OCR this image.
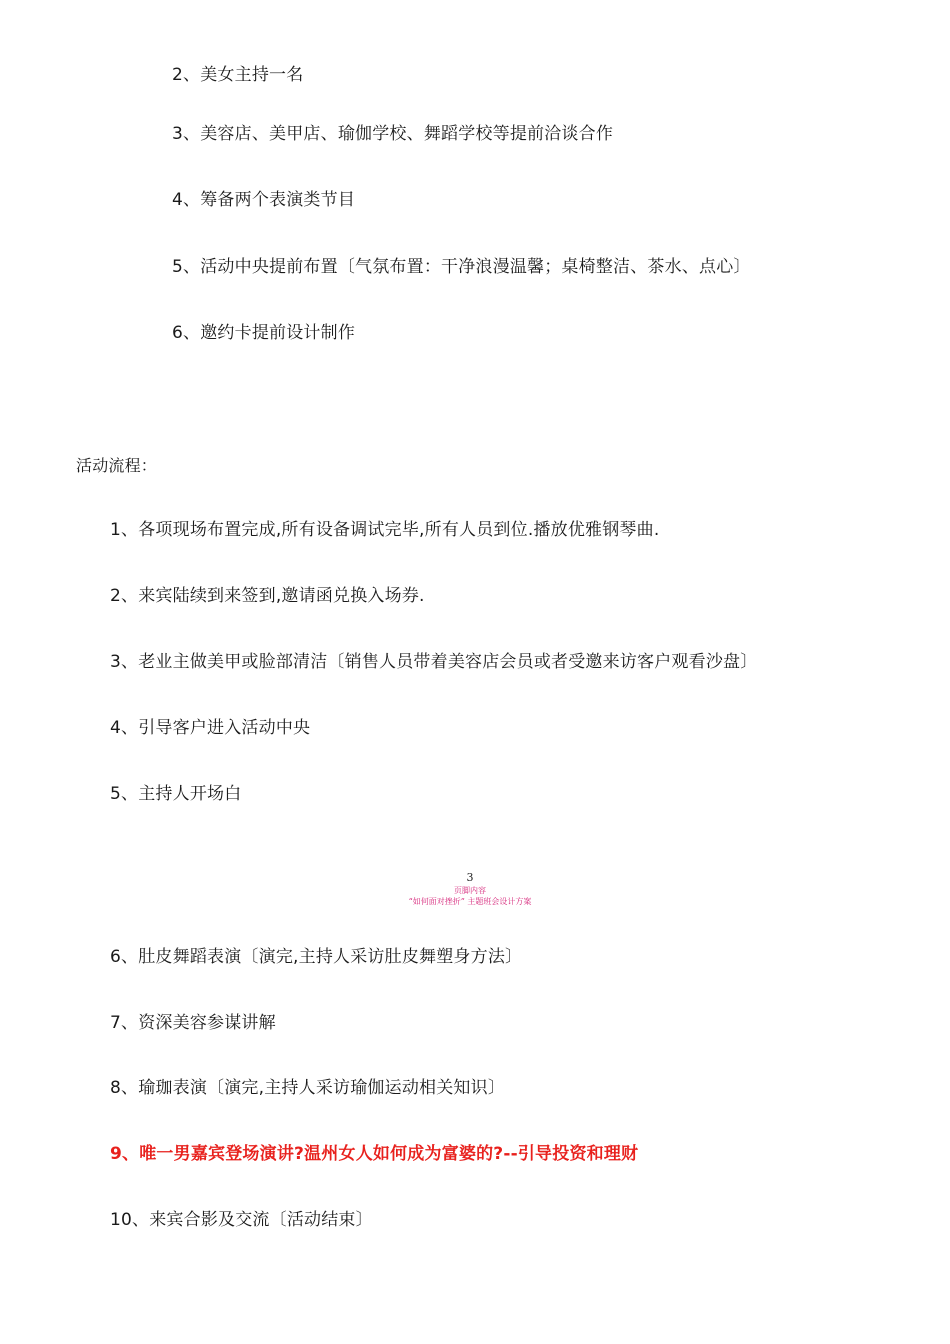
2、美女主持一名
3、美容店、美甲店、瑜伽学校、舞蹈学校等提前洽谈合作
4、筹备两个表演类节目
5、活动中央提前布置〔气氛布置：干净浪漫温馨；桌椅整洁、茶水、点心〕
6、邀约卡提前设计制作
活动流程：
1、各项现场布置完成,所有设备调试完毕,所有人员到位.播放优雅钢琴曲.
2、来宾陆续到来签到,邀请函兑换入场券.
3、老业主做美甲或脸部清洁〔销售人员带着美容店会员或者受邀来访客户观看沙盘〕
4、引导客户进入活动中央
5、主持人开场白
3
页脚内容
“如何面对挫折” 主题班会设计方案
6、肚皮舞蹈表演〔演完,主持人采访肚皮舞塑身方法〕
7、资深美容参谋讲解
8、瑜珈表演〔演完,主持人采访瑜伽运动相关知识〕
9、唯一男嘉宾登场演讲?温州女人如何成为富婆的?--引导投资和理财
10、来宾合影及交流〔活动结束〕
